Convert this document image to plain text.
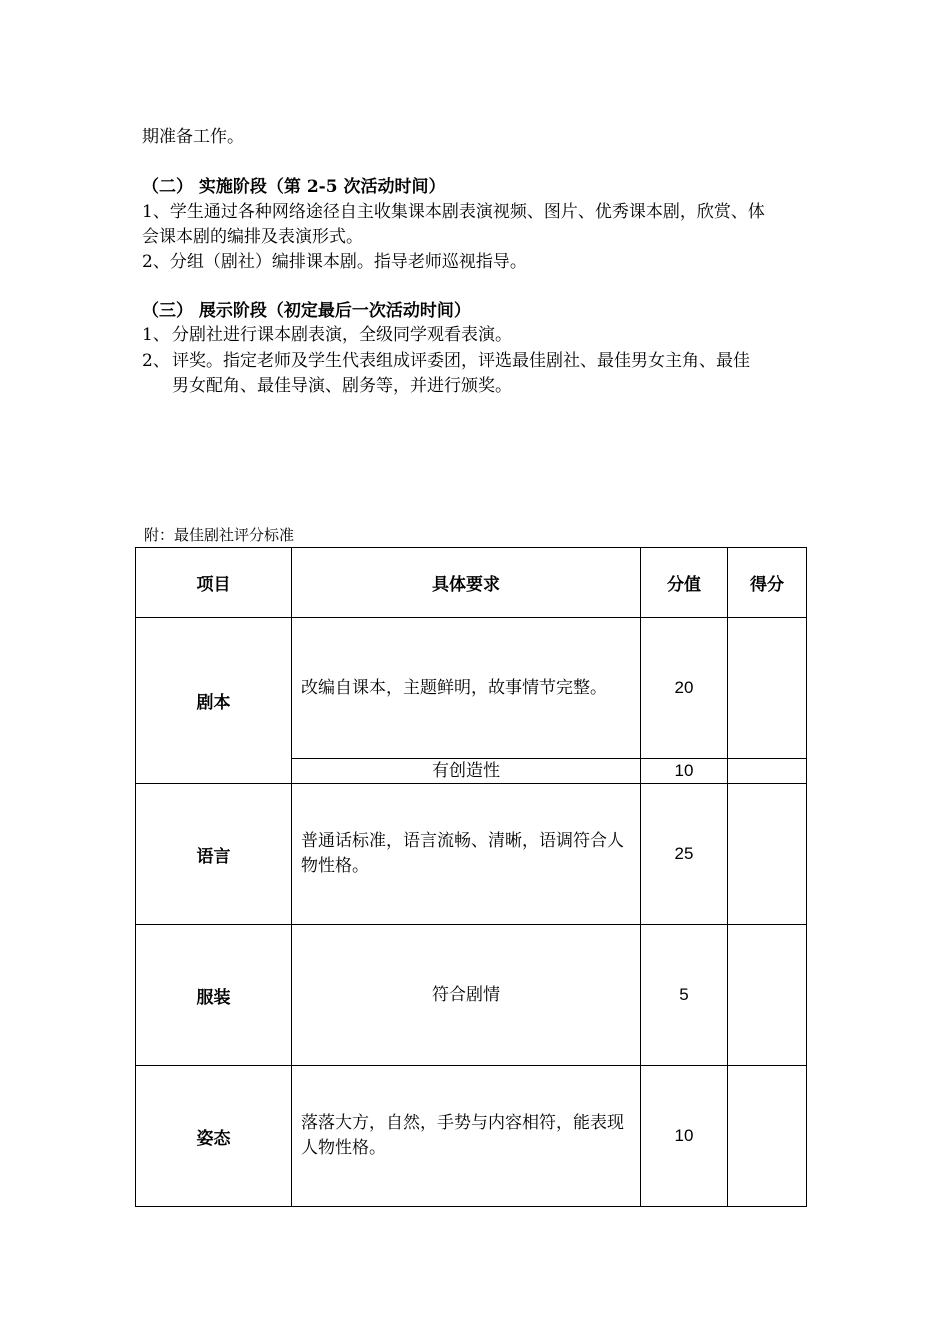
期准备工作。
（二） 实施阶段（第 2-5 次活动时间）
1、学生通过各种网络途径自主收集课本剧表演视频、图片、优秀课本剧，欣赏、体
会课本剧的编排及表演形式。
2、分组（剧社）编排课本剧。指导老师巡视指导。
（三） 展示阶段（初定最后一次活动时间）
1、 分剧社进行课本剧表演，全级同学观看表演。
2、 评奖。指定老师及学生代表组成评委团，评选最佳剧社、最佳男女主角、最佳
男女配角、最佳导演、剧务等，并进行颁奖。
附：最佳剧社评分标准
项目	具体要求	分值	得分
剧本	改编自课本，主题鲜明，故事情节完整。	20	
	有创造性	10	
语言	普通话标准，语言流畅、清晰，语调符合人物性格。	25	
服装	符合剧情	5	
姿态	落落大方，自然，手势与内容相符，能表现人物性格。	10	
